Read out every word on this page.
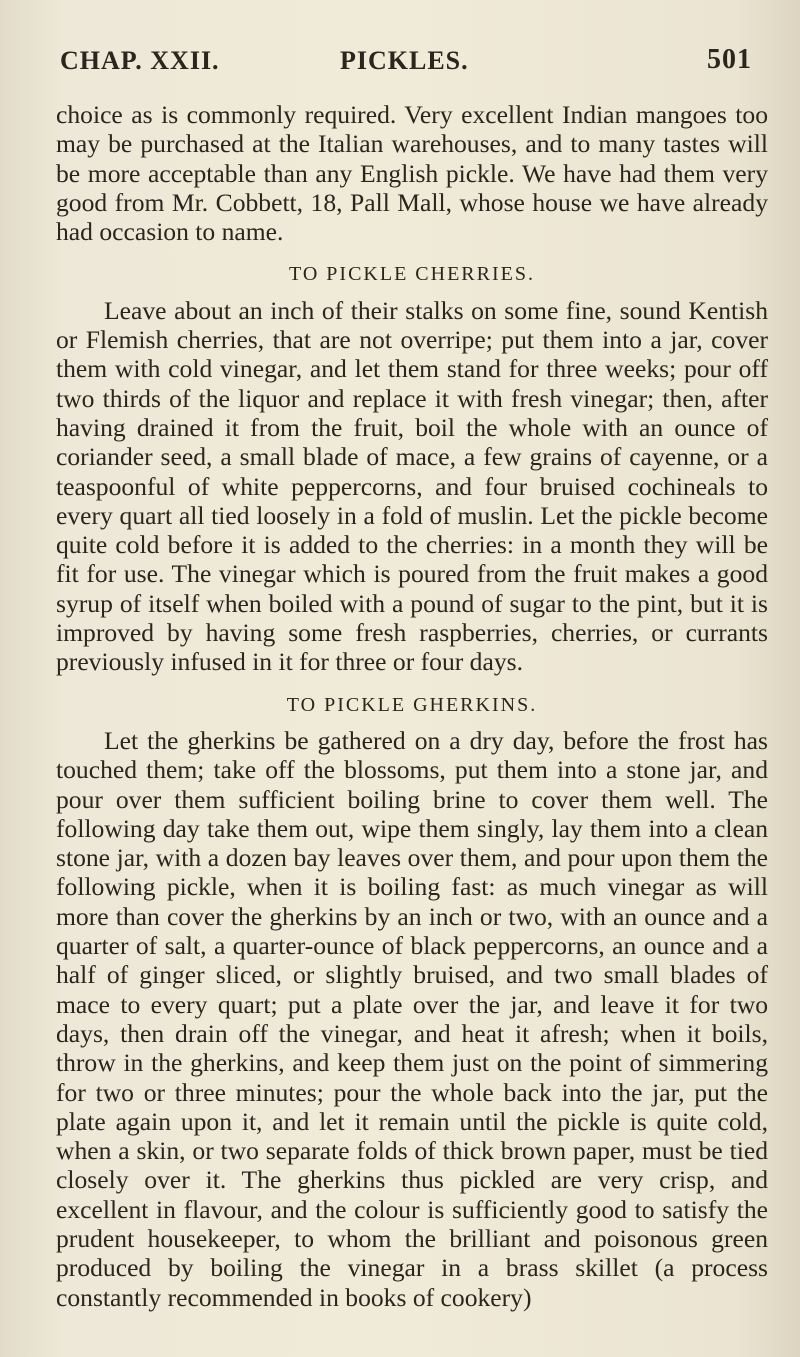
CHAP. XXII.	PICKLES.	501

choice as is commonly required. Very excellent Indian mangoes too may be purchased at the Italian warehouses, and to many tastes will be more acceptable than any English pickle. We have had them very good from Mr. Cobbett, 18, Pall Mall, whose house we have already had occasion to name.

TO PICKLE CHERRIES.

Leave about an inch of their stalks on some fine, sound Kentish or Flemish cherries, that are not overripe; put them into a jar, cover them with cold vinegar, and let them stand for three weeks; pour off two thirds of the liquor and replace it with fresh vinegar; then, after having drained it from the fruit, boil the whole with an ounce of coriander seed, a small blade of mace, a few grains of cayenne, or a teaspoonful of white peppercorns, and four bruised cochineals to every quart all tied loosely in a fold of muslin. Let the pickle become quite cold before it is added to the cherries: in a month they will be fit for use. The vinegar which is poured from the fruit makes a good syrup of itself when boiled with a pound of sugar to the pint, but it is improved by having some fresh raspberries, cherries, or currants previously infused in it for three or four days.

TO PICKLE GHERKINS.

Let the gherkins be gathered on a dry day, before the frost has touched them; take off the blossoms, put them into a stone jar, and pour over them sufficient boiling brine to cover them well. The following day take them out, wipe them singly, lay them into a clean stone jar, with a dozen bay leaves over them, and pour upon them the following pickle, when it is boiling fast: as much vinegar as will more than cover the gherkins by an inch or two, with an ounce and a quarter of salt, a quarter-ounce of black peppercorns, an ounce and a half of ginger sliced, or slightly bruised, and two small blades of mace to every quart; put a plate over the jar, and leave it for two days, then drain off the vinegar, and heat it afresh; when it boils, throw in the gherkins, and keep them just on the point of simmering for two or three minutes; pour the whole back into the jar, put the plate again upon it, and let it remain until the pickle is quite cold, when a skin, or two separate folds of thick brown paper, must be tied closely over it. The gherkins thus pickled are very crisp, and excellent in flavour, and the colour is sufficiently good to satisfy the prudent housekeeper, to whom the brilliant and poisonous green produced by boiling the vinegar in a brass skillet (a process constantly recommended in books of cookery)
